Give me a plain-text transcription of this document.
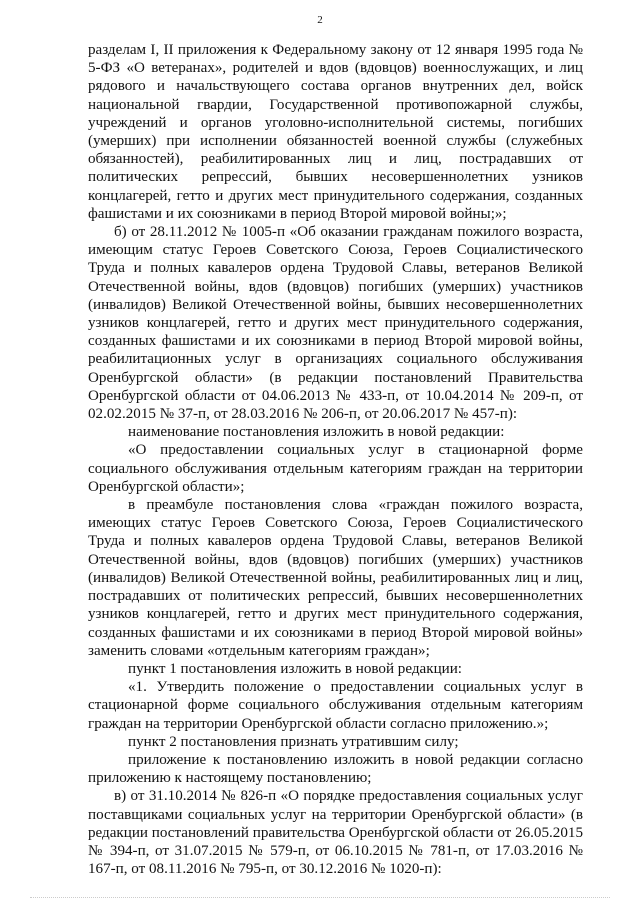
2

разделам I, II приложения к Федеральному закону от 12 января 1995 года № 5-ФЗ «О ветеранах», родителей и вдов (вдовцов) военнослужащих, и лиц рядового и начальствующего состава органов внутренних дел, войск национальной гвардии, Государственной противопожарной службы, учреждений и органов уголовно-исполнительной системы, погибших (умерших) при исполнении обязанностей военной службы (служебных обязанностей), реабилитированных лиц и лиц, пострадавших от политических репрессий, бывших несовершеннолетних узников концлагерей, гетто и других мест принудительного содержания, созданных фашистами и их союзниками в период Второй мировой войны;»;

б) от 28.11.2012 № 1005-п «Об оказании гражданам пожилого возраста, имеющим статус Героев Советского Союза, Героев Социалистического Труда и полных кавалеров ордена Трудовой Славы, ветеранов Великой Отечественной войны, вдов (вдовцов) погибших (умерших) участников (инвалидов) Великой Отечественной войны, бывших несовершеннолетних узников концлагерей, гетто и других мест принудительного содержания, созданных фашистами и их союзниками в период Второй мировой войны, реабилитационных услуг в организациях социального обслуживания Оренбургской области» (в редакции постановлений Правительства Оренбургской области от 04.06.2013 № 433-п, от 10.04.2014 № 209-п, от 02.02.2015 № 37-п, от 28.03.2016 № 206-п, от 20.06.2017 № 457-п):

наименование постановления изложить в новой редакции:

«О предоставлении социальных услуг в стационарной форме социального обслуживания отдельным категориям граждан на территории Оренбургской области»;

в преамбуле постановления слова «граждан пожилого возраста, имеющих статус Героев Советского Союза, Героев Социалистического Труда и полных кавалеров ордена Трудовой Славы, ветеранов Великой Отечественной войны, вдов (вдовцов) погибших (умерших) участников (инвалидов) Великой Отечественной войны, реабилитированных лиц и лиц, пострадавших от политических репрессий, бывших несовершеннолетних узников концлагерей, гетто и других мест принудительного содержания, созданных фашистами и их союзниками в период Второй мировой войны» заменить словами «отдельным категориям граждан»;

пункт 1 постановления изложить в новой редакции:

«1. Утвердить положение о предоставлении социальных услуг в стационарной форме социального обслуживания отдельным категориям граждан на территории Оренбургской области согласно приложению.»;

пункт 2 постановления признать утратившим силу;

приложение к постановлению изложить в новой редакции согласно приложению к настоящему постановлению;

в) от 31.10.2014 № 826-п «О порядке предоставления социальных услуг поставщиками социальных услуг на территории Оренбургской области» (в редакции постановлений правительства Оренбургской области от 26.05.2015 № 394-п, от 31.07.2015 № 579-п, от 06.10.2015 № 781-п, от 17.03.2016 № 167-п, от 08.11.2016 № 795-п, от 30.12.2016 № 1020-п):
